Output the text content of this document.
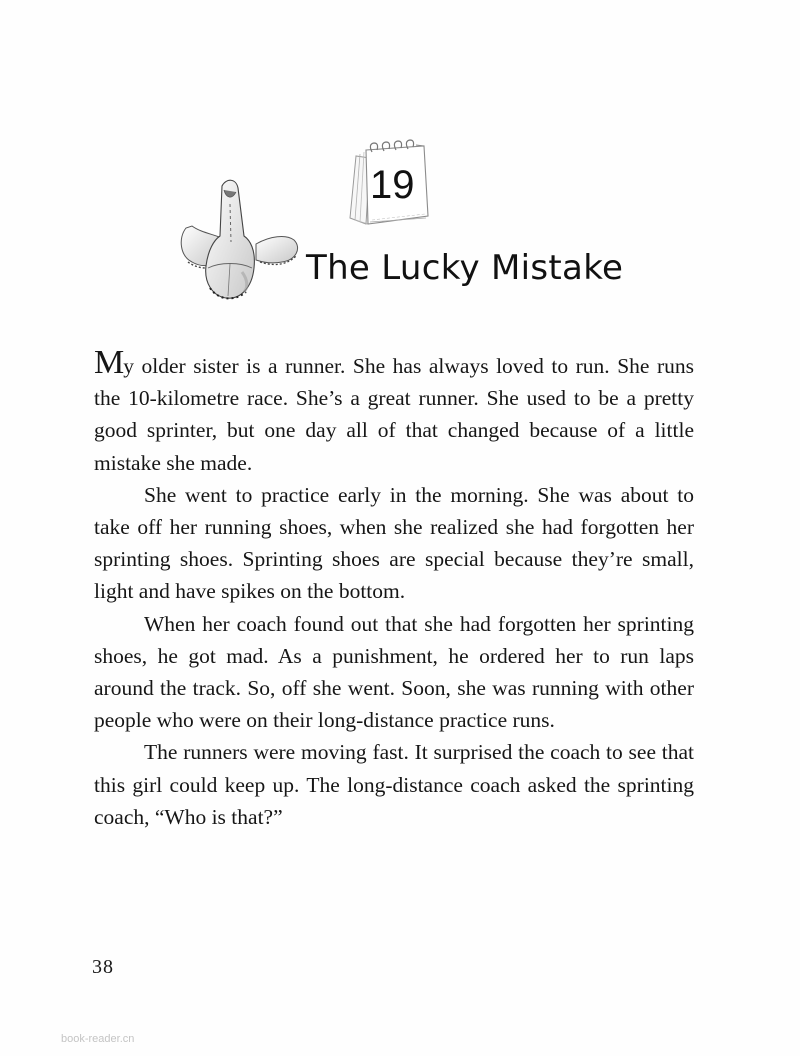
19
The Lucky Mistake

My older sister is a runner. She has always loved to run. She runs the 10-kilometre race. She’s a great runner. She used to be a pretty good sprinter, but one day all of that changed because of a little mistake she made.

She went to practice early in the morning. She was about to take off her running shoes, when she realized she had forgotten her sprinting shoes. Sprinting shoes are special because they’re small, light and have spikes on the bottom.

When her coach found out that she had forgotten her sprinting shoes, he got mad. As a punishment, he ordered her to run laps around the track. So, off she went. Soon, she was running with other people who were on their long-distance practice runs.

The runners were moving fast. It surprised the coach to see that this girl could keep up. The long-distance coach asked the sprinting coach, “Who is that?”

38
book-reader.cn
